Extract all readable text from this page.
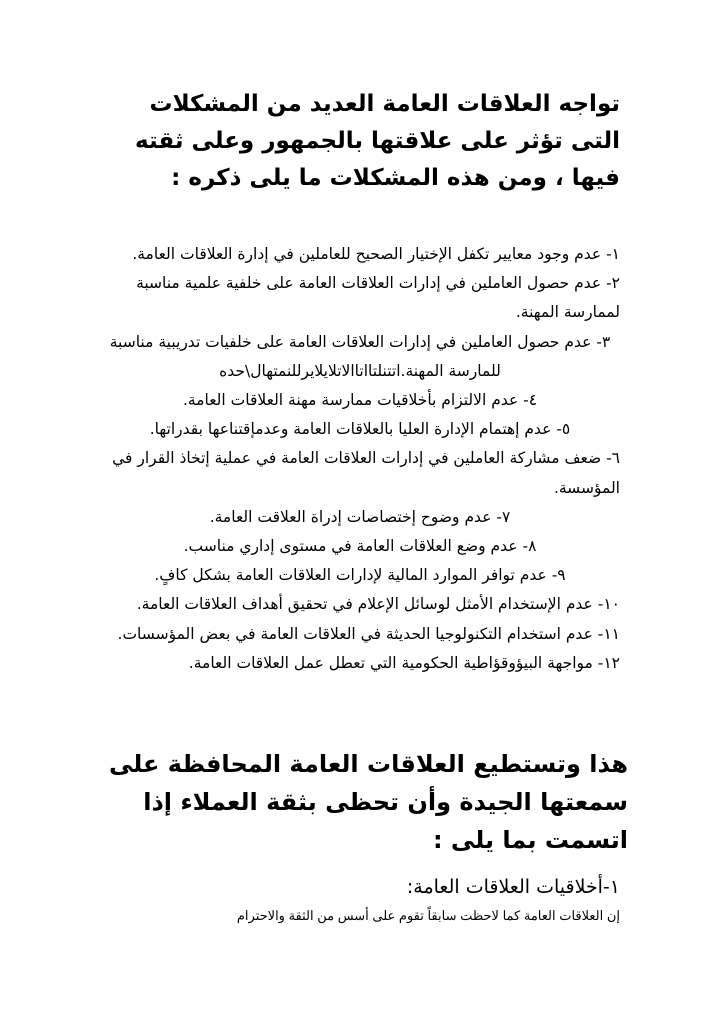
تواجه العلاقات العامة العديد من المشكلات التى تؤثر على علاقتها بالجمهور وعلى ثقته فيها ، ومن هذه المشكلات ما يلى ذكره :

١- عدم وجود معايير تكفل الإختيار الصحيح للعاملين في إدارة العلاقات العامة.
٢- عدم حصول العاملين في إدارات العلاقات العامة على خلفية علمية مناسبة لممارسة المهنة.
٣- عدم حصول العاملين في إدارات العلاقات العامة على خلفيات تدريبية مناسبة للمارسة المهنة.اتتنلتااتاالاتلايلايرللنمتهال\حده
٤- عدم الالتزام بأخلاقيات ممارسة مهنة العلاقات العامة.
٥- عدم إهتمام الإدارة العليا بالعلاقات العامة وعدمإقتناعها بقدراتها.
٦- ضعف مشاركة العاملين في إدارات العلاقات العامة في عملية إتخاذ القرار في المؤسسة.
٧- عدم وضوح إختصاصات إدراة العلاقت العامة.
٨- عدم وضع العلاقات العامة في مستوى إداري مناسب.
٩- عدم توافر الموارد المالية لإدارات العلاقات العامة بشكل كافٍ.
١٠- عدم الإستخدام الأمثل لوسائل الإعلام في تحقيق أهداف العلاقات العامة.
١١- عدم استخدام التكنولوجيا الحديثة في العلاقات العامة في بعض المؤسسات.
١٢- مواجهة البيؤوقؤاطية الحكومية التي تعطل عمل العلاقات العامة.

هذا وتستطيع العلاقات العامة المحافظة على سمعتها الجيدة وأن تحظى بثقة العملاء إذا اتسمت بما يلى :

١-أخلاقيات العلاقات العامة:

إن العلاقات العامة كما لاحظت سابقاً تقوم على أسس من الثقة والاحترام
